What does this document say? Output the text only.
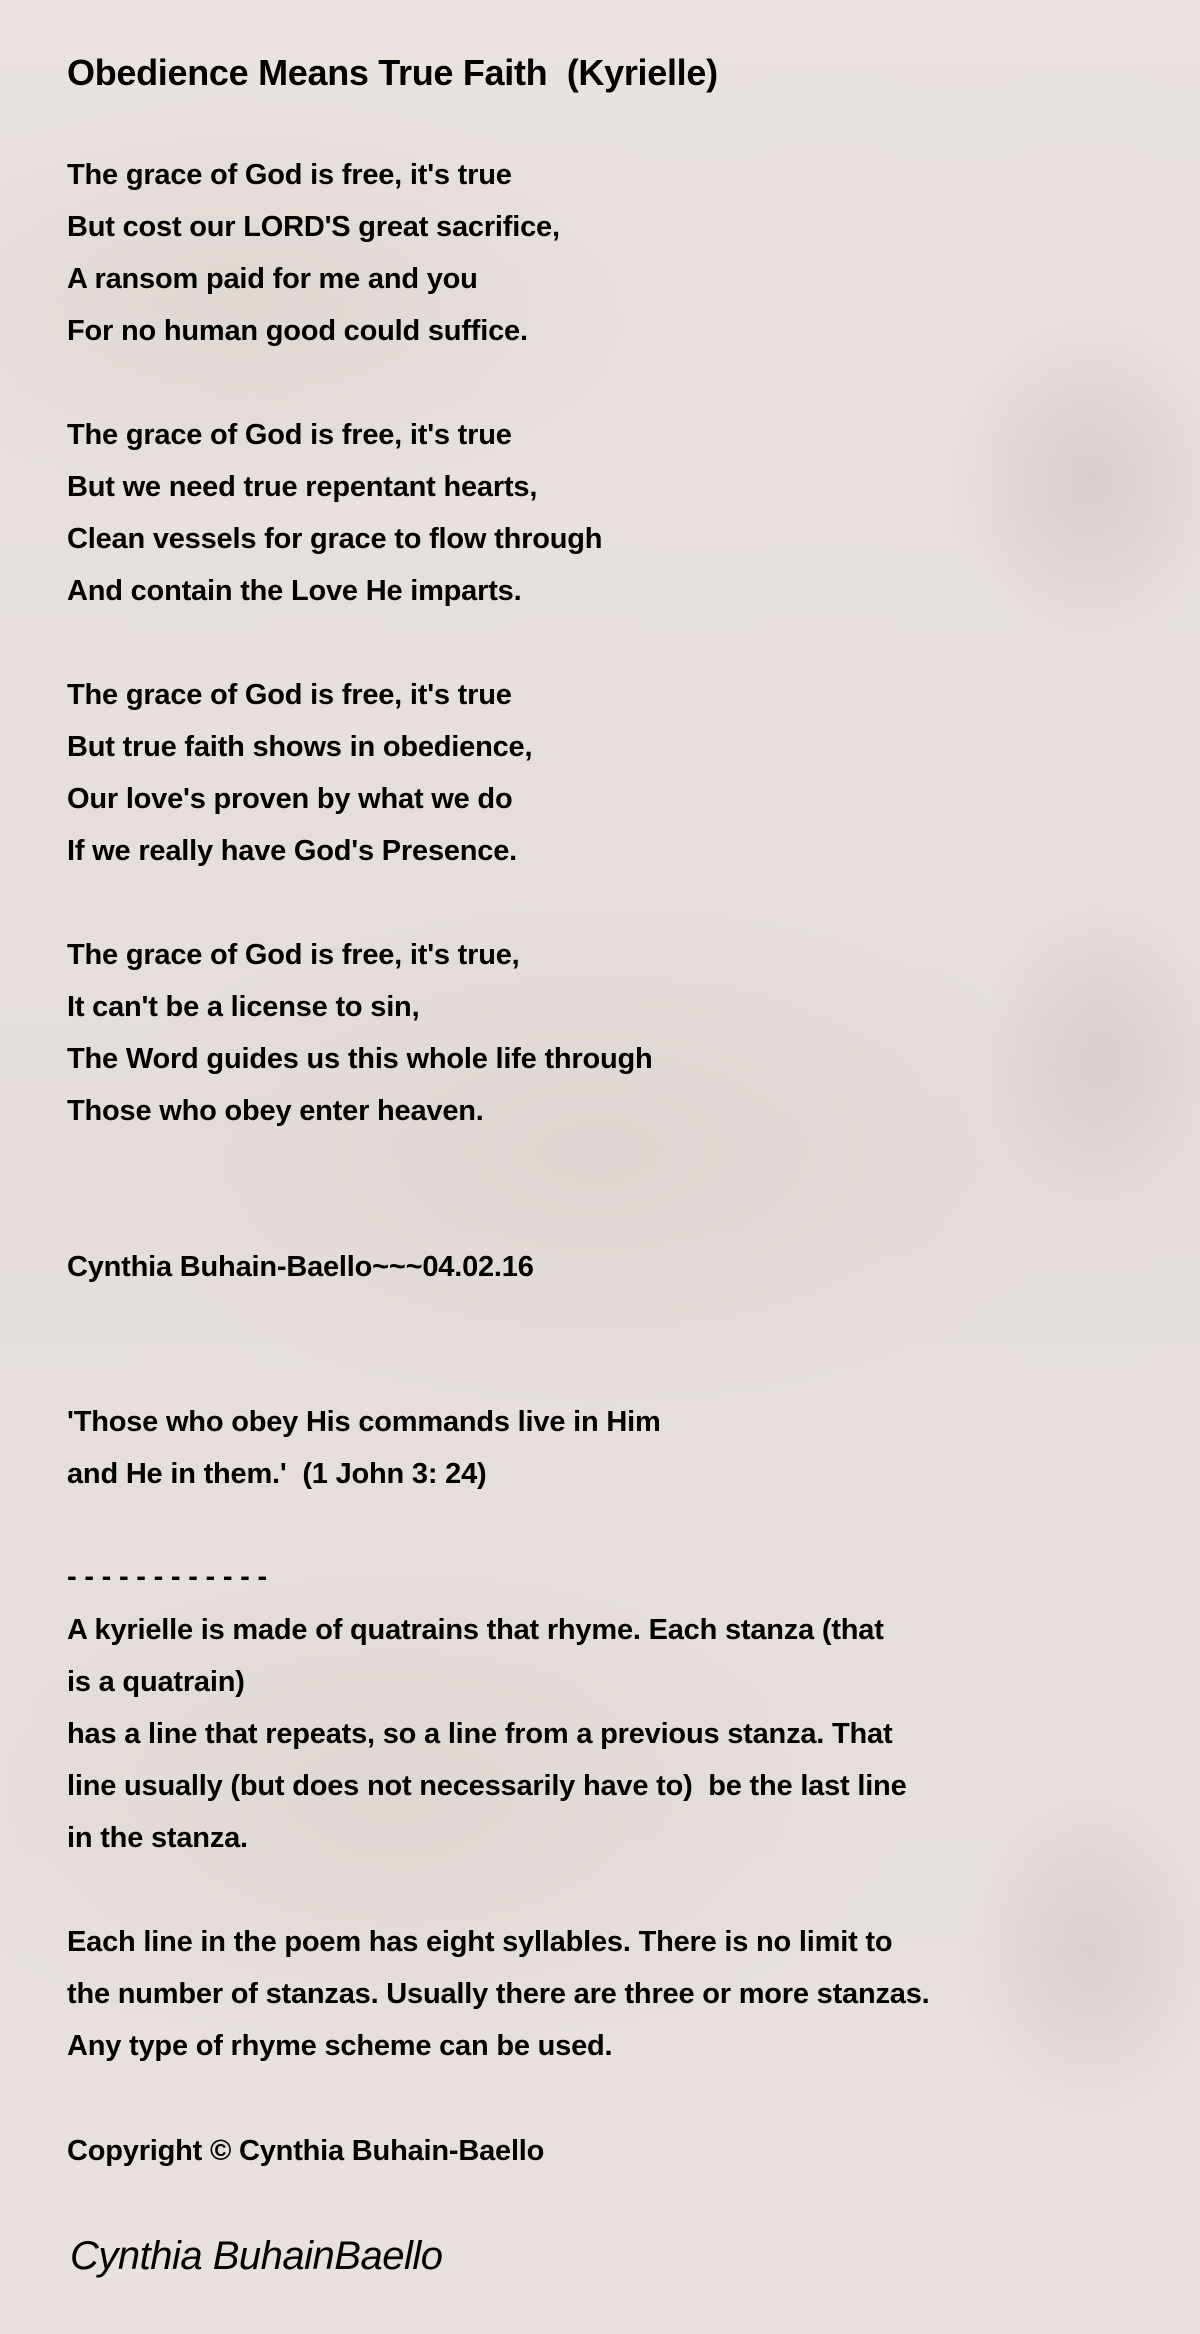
Obedience Means True Faith  (Kyrielle)

The grace of God is free, it's true

But cost our LORD'S great sacrifice,

A ransom paid for me and you

For no human good could suffice.

The grace of God is free, it's true

But we need true repentant hearts,

Clean vessels for grace to flow through

And contain the Love He imparts.

The grace of God is free, it's true

But true faith shows in obedience,

Our love's proven by what we do

If we really have God's Presence.

The grace of God is free, it's true,

It can't be a license to sin,

The Word guides us this whole life through

Those who obey enter heaven.

Cynthia Buhain-Baello~~~04.02.16

'Those who obey His commands live in Him

and He in them.'  (1 John 3: 24)

- - - - - - - - - - - -

A kyrielle is made of quatrains that rhyme. Each stanza (that

is a quatrain)

has a line that repeats, so a line from a previous stanza. That

line usually (but does not necessarily have to)  be the last line

in the stanza.

Each line in the poem has eight syllables. There is no limit to

the number of stanzas. Usually there are three or more stanzas.

Any type of rhyme scheme can be used.

Copyright © Cynthia Buhain-Baello

Cynthia BuhainBaello
